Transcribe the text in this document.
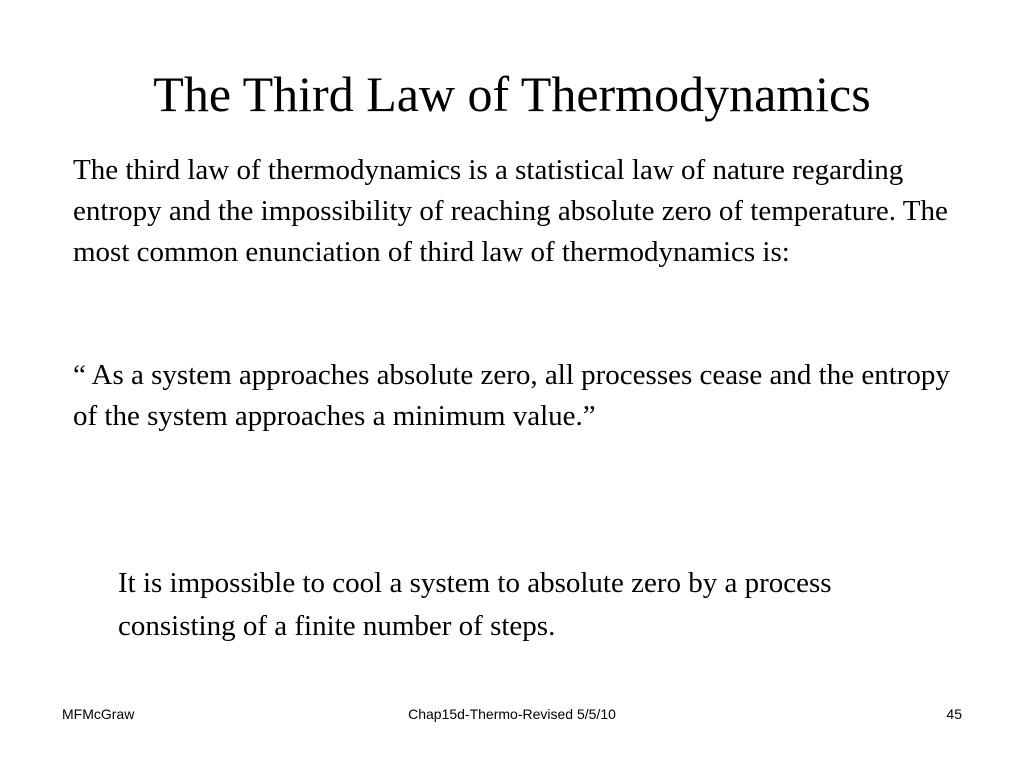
The Third Law of Thermodynamics

The third law of thermodynamics is a statistical law of nature regarding entropy and the impossibility of reaching absolute zero of temperature. The most common enunciation of third law of thermodynamics is:

“ As a system approaches absolute zero, all processes cease and the entropy of the system approaches a minimum value.”

It is impossible to cool a system to absolute zero by a process consisting of a finite number of steps.

MFMcGraw	Chap15d-Thermo-Revised 5/5/10	45
